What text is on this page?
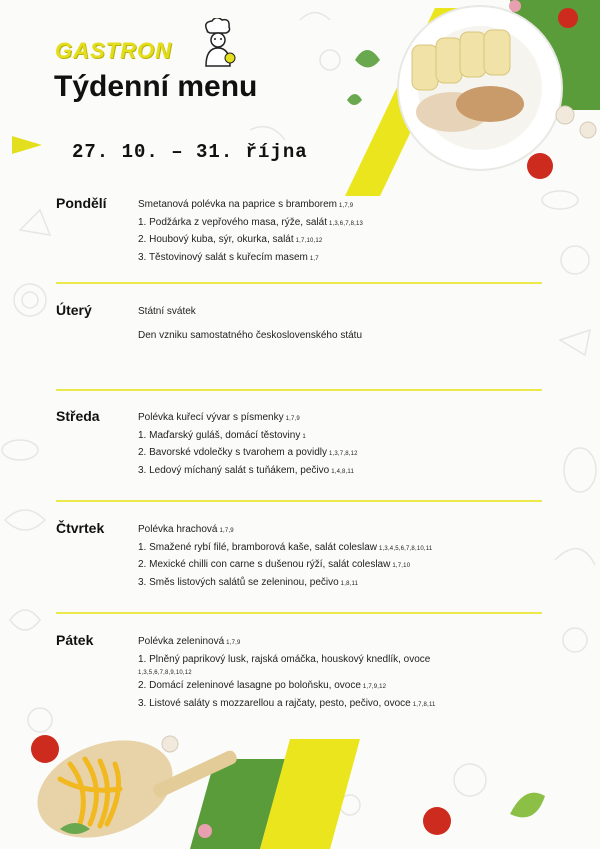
GASTRON
Týdenní menu
27. 10. – 31. října
Pondělí	Smetanová polévka na paprice s bramborem 1,7,9
1. Podžárka z vepřového masa, rýže, salát 1,3,6,7,8,13
2. Houbový kuba, sýr, okurka, salát 1,7,10,12
3. Těstovinový salát s kuřecím masem 1,7
Úterý	Státní svátek
Den vzniku samostatného československého státu
Středa	Polévka kuřecí vývar s písmenky 1,7,9
1. Maďarský guláš, domácí těstoviny 1
2. Bavorské vdolečky s tvarohem a povidly 1,3,7,8,12
3. Ledový míchaný salát s tuňákem, pečivo 1,4,8,11
Čtvrtek	Polévka hrachová 1,7,9
1. Smažené rybí filé, bramborová kaše, salát coleslaw 1,3,4,5,6,7,8,10,11
2. Mexické chilli con carne s dušenou rýží, salát coleslaw 1,7,10
3. Směs listových salátů se zeleninou, pečivo 1,8,11
Pátek	Polévka zeleninová 1,7,9
1. Plněný paprikový lusk, rajská omáčka, houskový knedlík, ovoce
1,3,5,6,7,8,9,10,12
2. Domácí zeleninové lasagne po boloňsku, ovoce 1,7,9,12
3. Listové saláty s mozzarellou a rajčaty, pesto, pečivo, ovoce 1,7,8,11
